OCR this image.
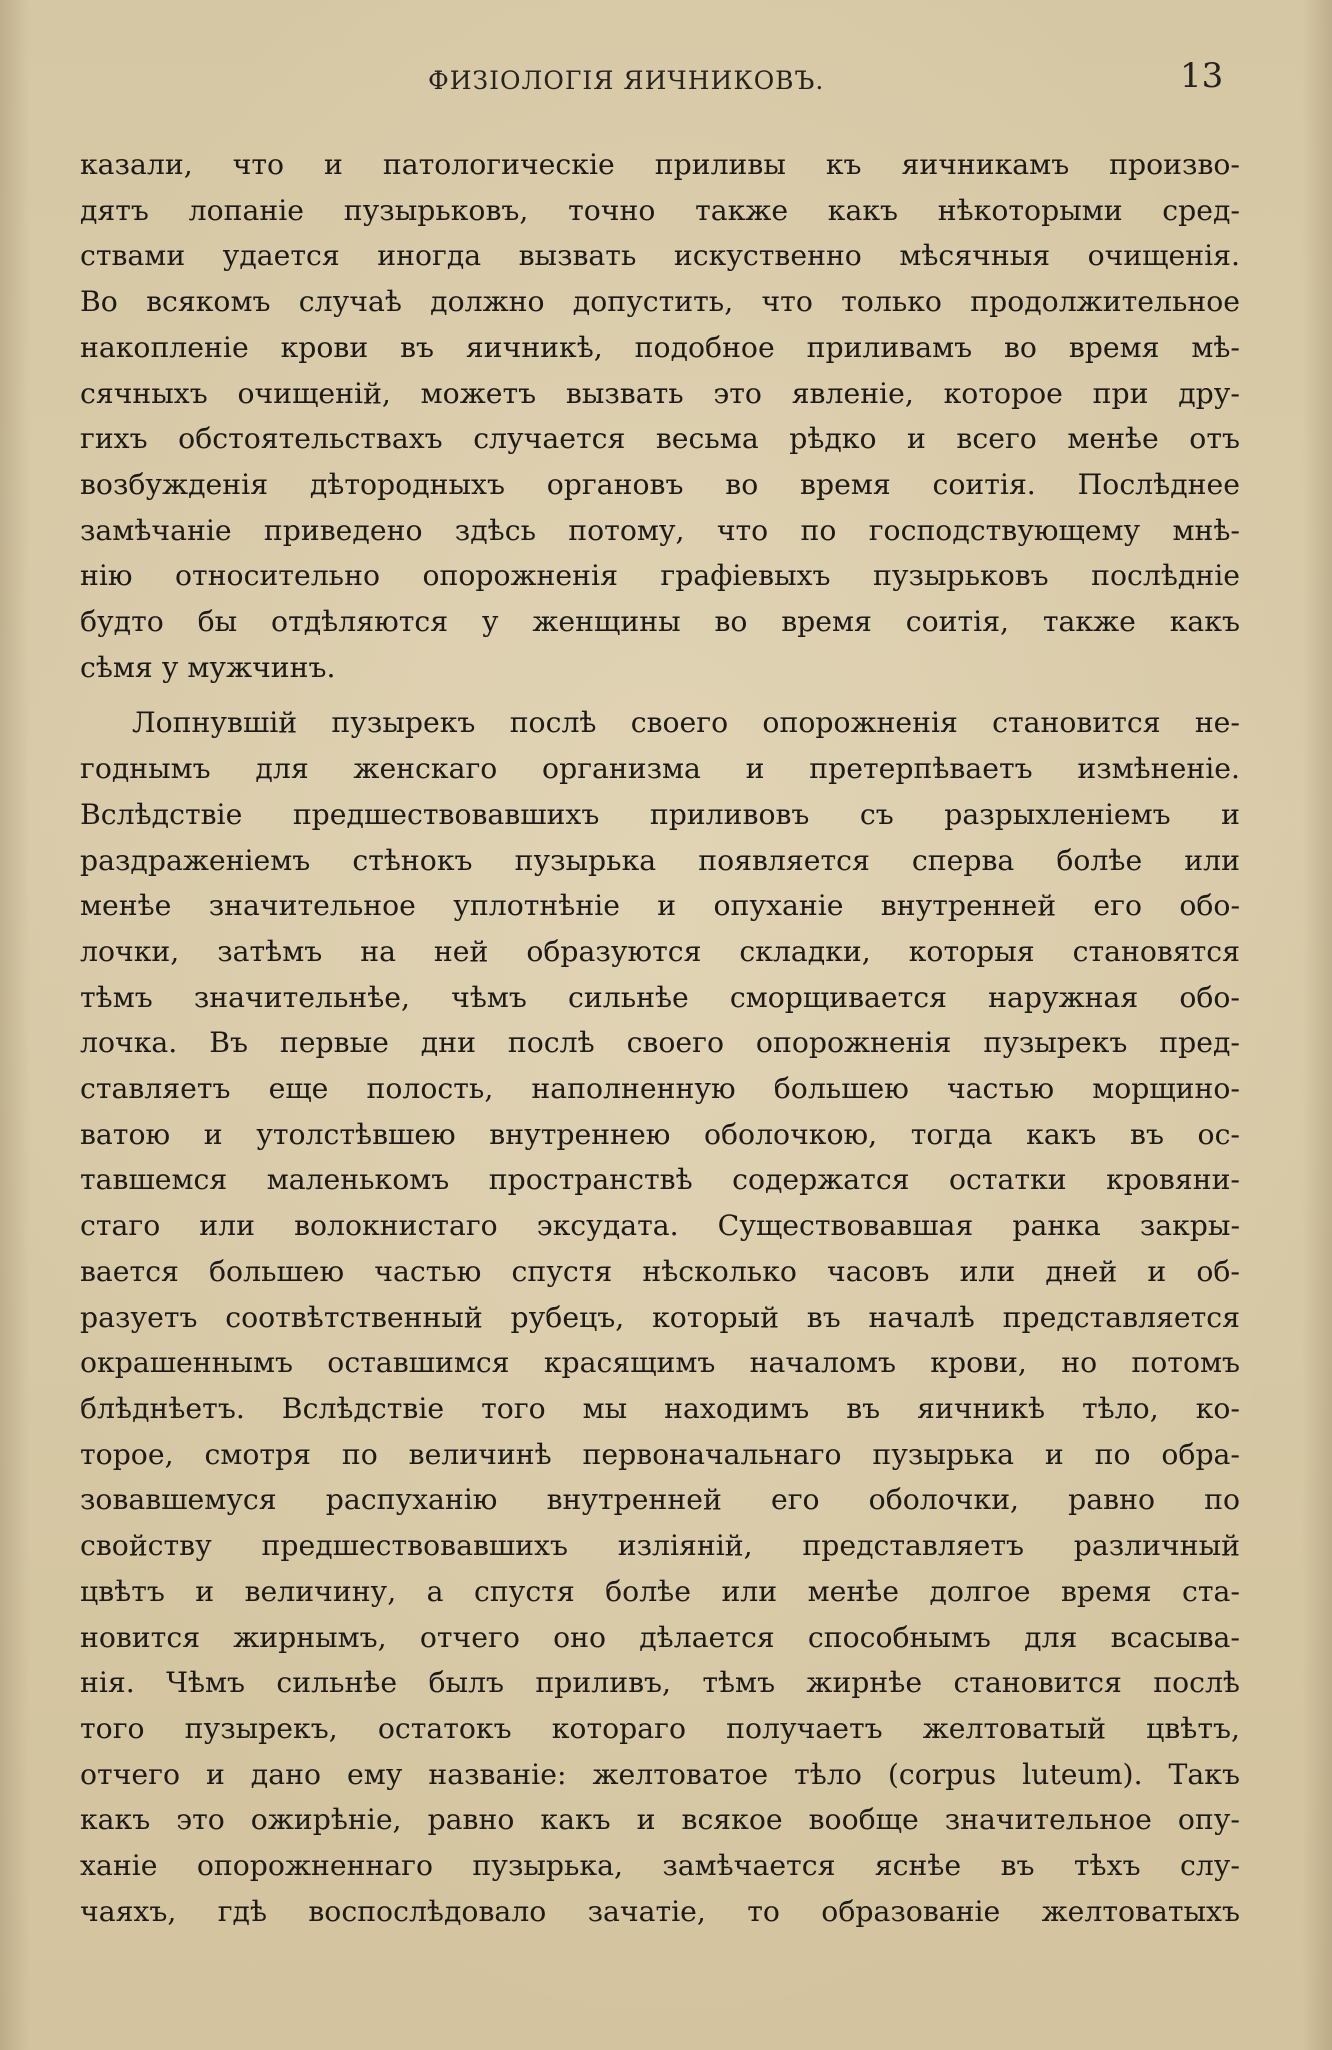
ФИЗІОЛОГІЯ ЯИЧНИКОВЪ.	13

казали, что и патологическіе приливы къ яичникамъ произво-

дятъ лопаніе пузырьковъ, точно также какъ нѣкоторыми сред-

ствами удается иногда вызвать искуственно мѣсячныя очищенія.

Во всякомъ случаѣ должно допустить, что только продолжительное

накопленіе крови въ яичникѣ, подобное приливамъ во время мѣ-

сячныхъ очищеній, можетъ вызвать это явленіе, которое при дру-

гихъ обстоятельствахъ случается весьма рѣдко и всего менѣе отъ

возбужденія дѣтородныхъ органовъ во время соитія. Послѣднее

замѣчаніе приведено здѣсь потому, что по господствующему мнѣ-

нію относительно опорожненія графіевыхъ пузырьковъ послѣдніе

будто бы отдѣляются у женщины во время соитія, также какъ

сѣмя у мужчинъ.

Лопнувшій пузырекъ послѣ своего опорожненія становится не-

годнымъ для женскаго организма и претерпѣваетъ измѣненіе.

Вслѣдствіе предшествовавшихъ приливовъ съ разрыхленіемъ и

раздраженіемъ стѣнокъ пузырька появляется сперва болѣе или

менѣе значительное уплотнѣніе и опуханіе внутренней его обо-

лочки, затѣмъ на ней образуются складки, которыя становятся

тѣмъ значительнѣе, чѣмъ сильнѣе сморщивается наружная обо-

лочка. Въ первые дни послѣ своего опорожненія пузырекъ пред-

ставляетъ еще полость, наполненную большею частью морщино-

ватою и утолстѣвшею внутреннею оболочкою, тогда какъ въ ос-

тавшемся маленькомъ пространствѣ содержатся остатки кровяни-

стаго или волокнистаго эксудата. Существовавшая ранка закры-

вается большею частью спустя нѣсколько часовъ или дней и об-

разуетъ соотвѣтственный рубецъ, который въ началѣ представляется

окрашеннымъ оставшимся красящимъ началомъ крови, но потомъ

блѣднѣетъ. Вслѣдствіе того мы находимъ въ яичникѣ тѣло, ко-

торое, смотря по величинѣ первоначальнаго пузырька и по обра-

зовавшемуся распуханію внутренней его оболочки, равно по

свойству предшествовавшихъ изліяній, представляетъ различный

цвѣтъ и величину, а спустя болѣе или менѣе долгое время ста-

новится жирнымъ, отчего оно дѣлается способнымъ для всасыва-

нія. Чѣмъ сильнѣе былъ приливъ, тѣмъ жирнѣе становится послѣ

того пузырекъ, остатокъ котораго получаетъ желтоватый цвѣтъ,

отчего и дано ему названіе: желтоватое тѣло (corpus luteum). Такъ

какъ это ожирѣніе, равно какъ и всякое вообще значительное опу-

ханіе опорожненнаго пузырька, замѣчается яснѣе въ тѣхъ слу-

чаяхъ, гдѣ воспослѣдовало зачатіе, то образованіе желтоватыхъ
